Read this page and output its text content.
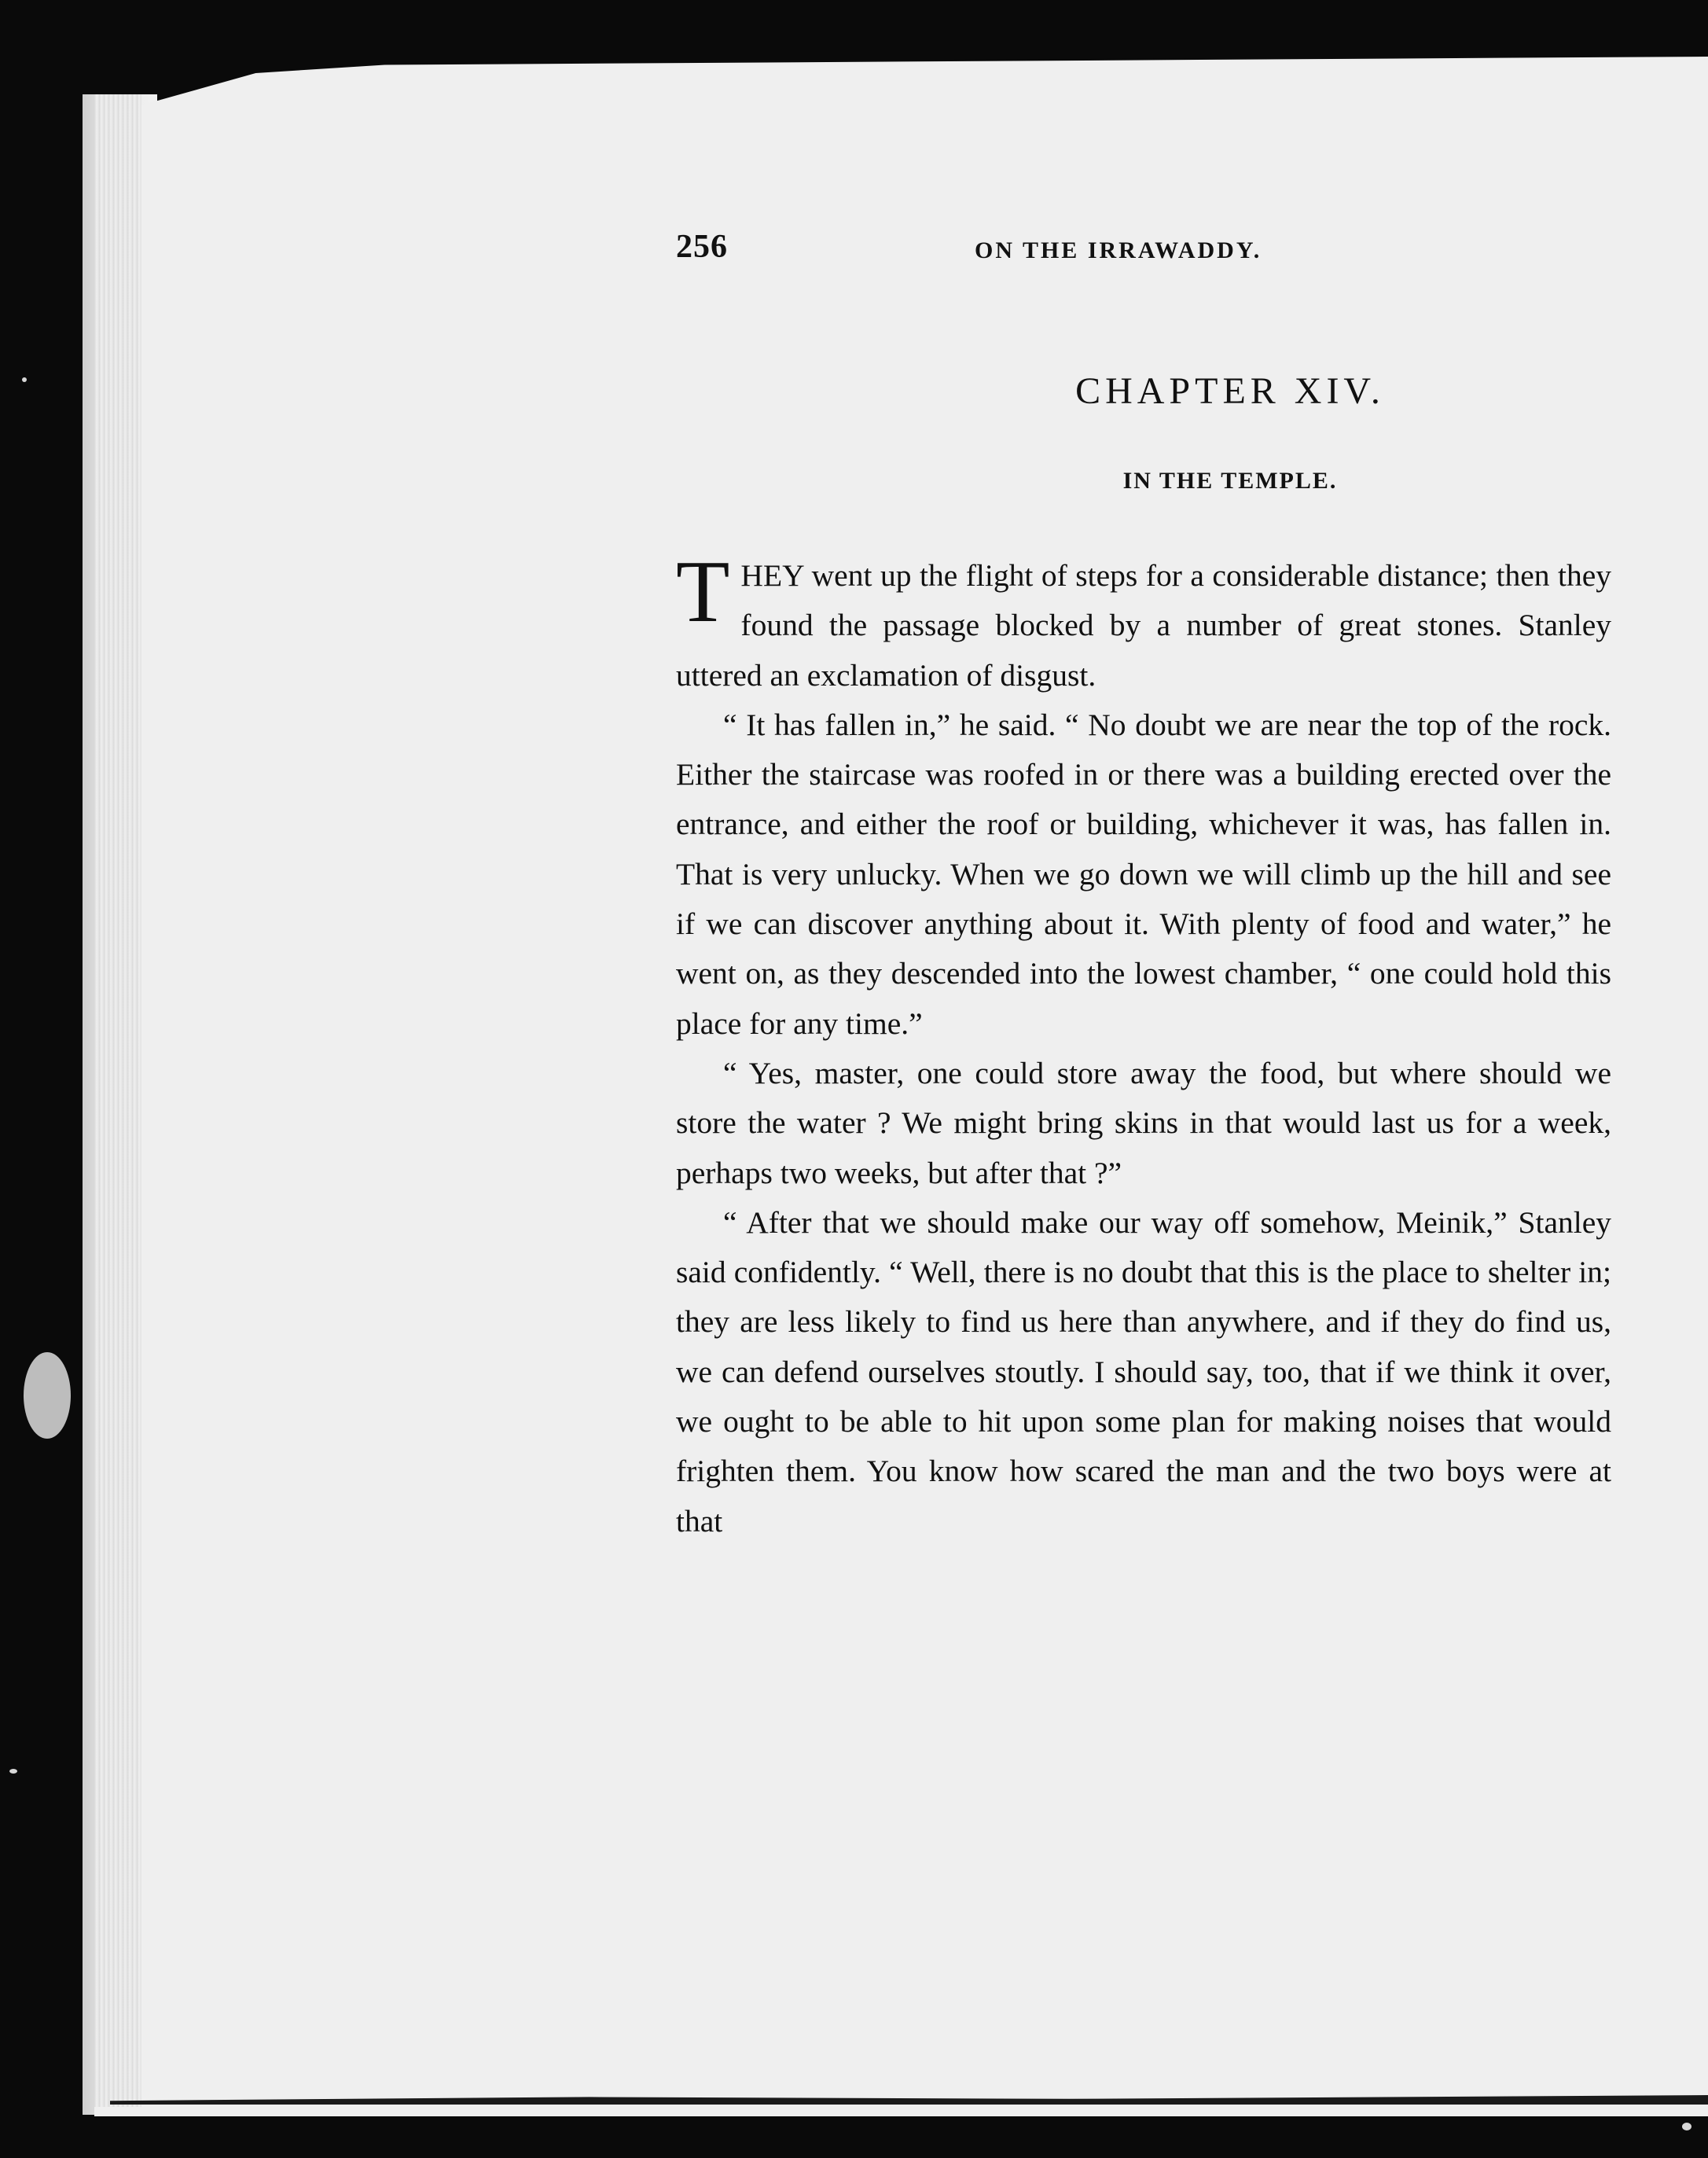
256	ON THE IRRAWADDY.
CHAPTER XIV.
IN THE TEMPLE.

THEY went up the flight of steps for a considerable distance; then they found the passage blocked by a number of great stones. Stanley uttered an exclamation of disgust.

“ It has fallen in,” he said. “ No doubt we are near the top of the rock. Either the staircase was roofed in or there was a building erected over the entrance, and either the roof or building, whichever it was, has fallen in. That is very unlucky. When we go down we will climb up the hill and see if we can discover anything about it. With plenty of food and water,” he went on, as they descended into the lowest chamber, “ one could hold this place for any time.”

“ Yes, master, one could store away the food, but where should we store the water ? We might bring skins in that would last us for a week, perhaps two weeks, but after that ?”

“ After that we should make our way off somehow, Meinik,” Stanley said confidently. “ Well, there is no doubt that this is the place to shelter in; they are less likely to find us here than anywhere, and if they do find us, we can defend ourselves stoutly. I should say, too, that if we think it over, we ought to be able to hit upon some plan for making noises that would frighten them. You know how scared the man and the two boys were at that
